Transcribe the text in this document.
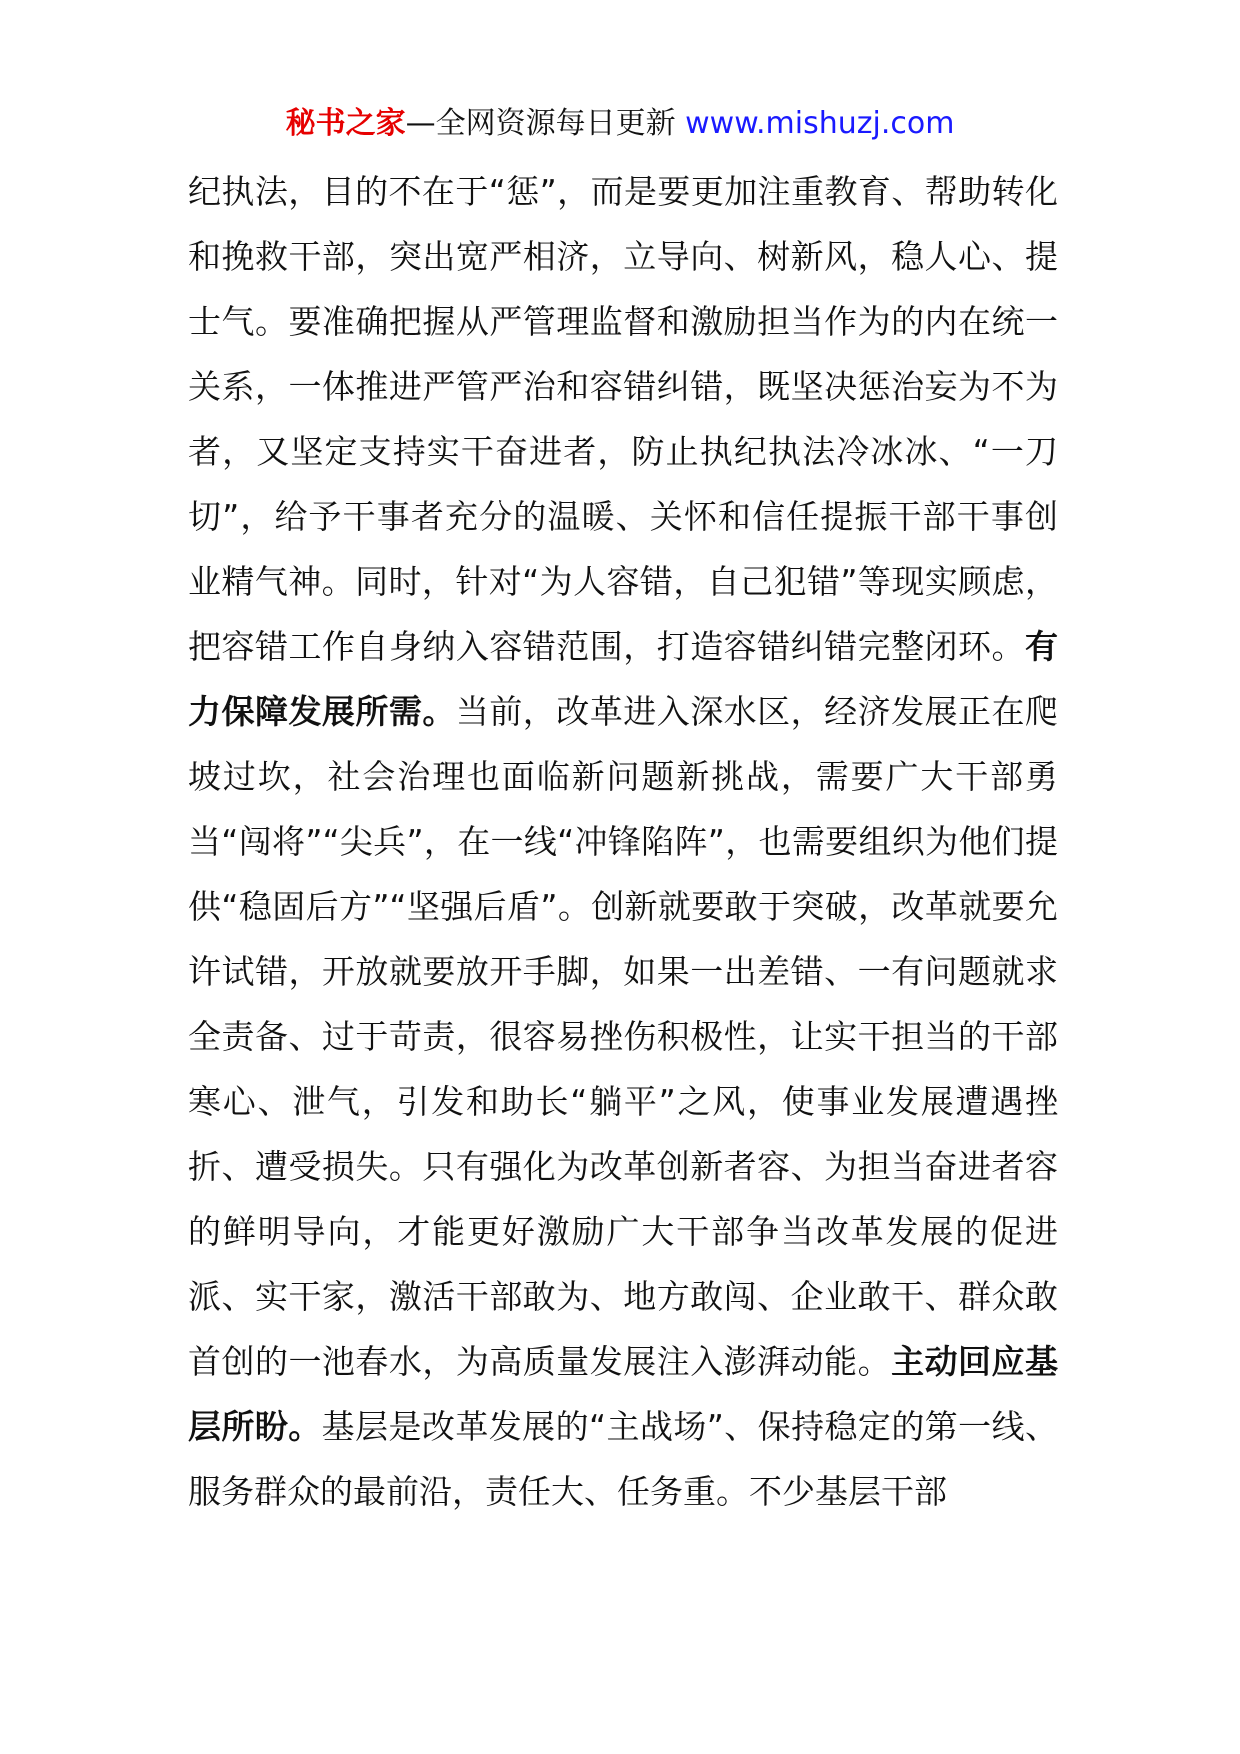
秘书之家—全网资源每日更新 www.mishuzj.com

纪执法，目的不在于“惩”，而是要更加注重教育、帮助转化和挽救干部，突出宽严相济，立导向、树新风，稳人心、提士气。要准确把握从严管理监督和激励担当作为的内在统一关系，一体推进严管严治和容错纠错，既坚决惩治妄为不为者，又坚定支持实干奋进者，防止执纪执法冷冰冰、“一刀切”，给予干事者充分的温暖、关怀和信任提振干部干事创业精气神。同时，针对“为人容错，自己犯错”等现实顾虑，把容错工作自身纳入容错范围，打造容错纠错完整闭环。有力保障发展所需。当前，改革进入深水区，经济发展正在爬坡过坎，社会治理也面临新问题新挑战，需要广大干部勇当“闯将”“尖兵”，在一线“冲锋陷阵”，也需要组织为他们提供“稳固后方”“坚强后盾”。创新就要敢于突破，改革就要允许试错，开放就要放开手脚，如果一出差错、一有问题就求全责备、过于苛责，很容易挫伤积极性，让实干担当的干部寒心、泄气，引发和助长“躺平”之风，使事业发展遭遇挫折、遭受损失。只有强化为改革创新者容、为担当奋进者容的鲜明导向，才能更好激励广大干部争当改革发展的促进派、实干家，激活干部敢为、地方敢闯、企业敢干、群众敢首创的一池春水，为高质量发展注入澎湃动能。主动回应基层所盼。基层是改革发展的“主战场”、保持稳定的第一线、服务群众的最前沿，责任大、任务重。不少基层干部
